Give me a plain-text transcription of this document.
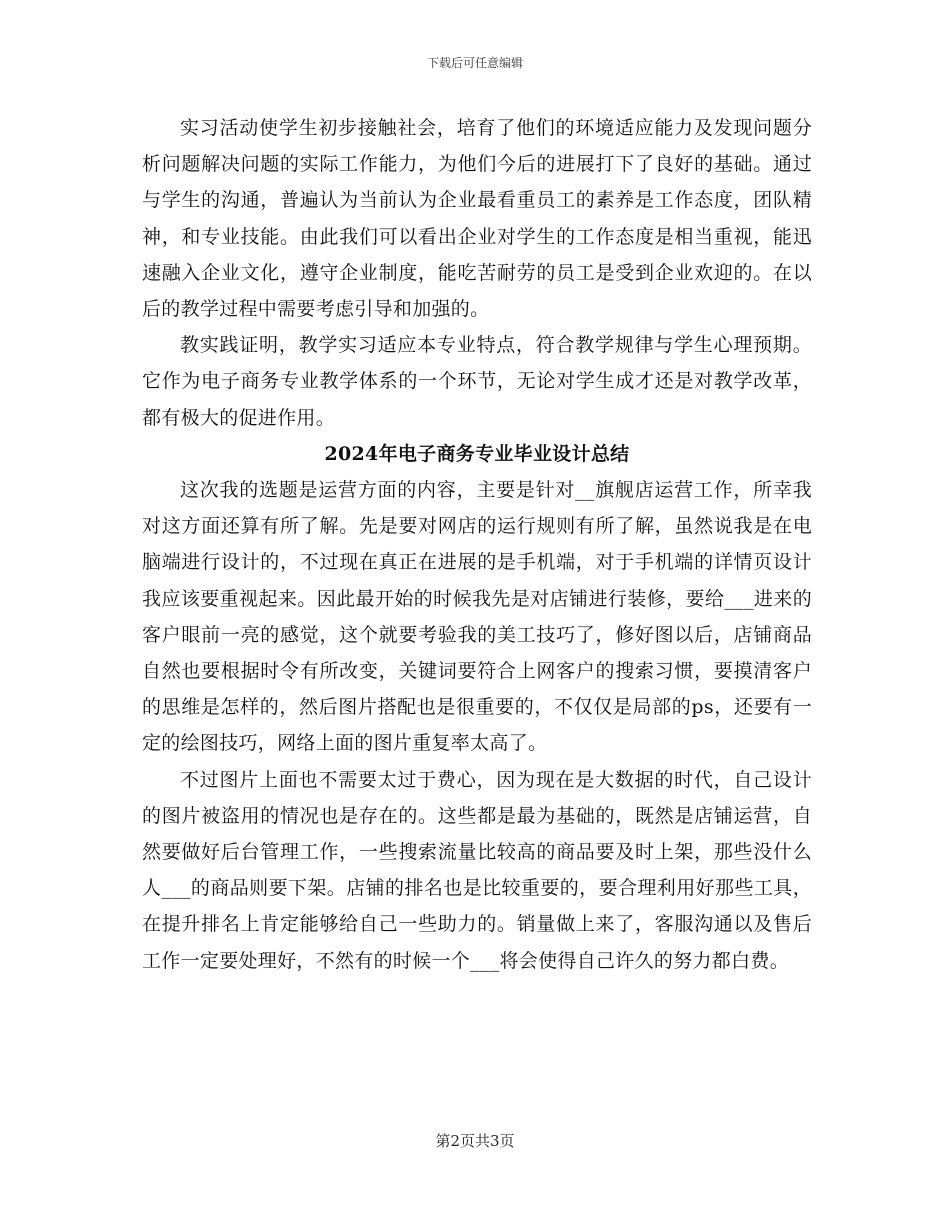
下载后可任意编辑

实习活动使学生初步接触社会，培育了他们的环境适应能力及发现问题分析问题解决问题的实际工作能力，为他们今后的进展打下了良好的基础。通过与学生的沟通，普遍认为当前认为企业最看重员工的素养是工作态度，团队精神，和专业技能。由此我们可以看出企业对学生的工作态度是相当重视，能迅速融入企业文化，遵守企业制度，能吃苦耐劳的员工是受到企业欢迎的。在以后的教学过程中需要考虑引导和加强的。

教实践证明，教学实习适应本专业特点，符合教学规律与学生心理预期。它作为电子商务专业教学体系的一个环节，无论对学生成才还是对教学改革，都有极大的促进作用。

2024年电子商务专业毕业设计总结

这次我的选题是运营方面的内容，主要是针对__旗舰店运营工作，所幸我对这方面还算有所了解。先是要对网店的运行规则有所了解，虽然说我是在电脑端进行设计的，不过现在真正在进展的是手机端，对于手机端的详情页设计我应该要重视起来。因此最开始的时候我先是对店铺进行装修，要给___进来的客户眼前一亮的感觉，这个就要考验我的美工技巧了，修好图以后，店铺商品自然也要根据时令有所改变，关键词要符合上网客户的搜索习惯，要摸清客户的思维是怎样的，然后图片搭配也是很重要的，不仅仅是局部的ps，还要有一定的绘图技巧，网络上面的图片重复率太高了。

不过图片上面也不需要太过于费心，因为现在是大数据的时代，自己设计的图片被盗用的情况也是存在的。这些都是最为基础的，既然是店铺运营，自然要做好后台管理工作，一些搜索流量比较高的商品要及时上架，那些没什么人___的商品则要下架。店铺的排名也是比较重要的，要合理利用好那些工具，在提升排名上肯定能够给自己一些助力的。销量做上来了，客服沟通以及售后工作一定要处理好，不然有的时候一个___将会使得自己许久的努力都白费。

第2页共3页
